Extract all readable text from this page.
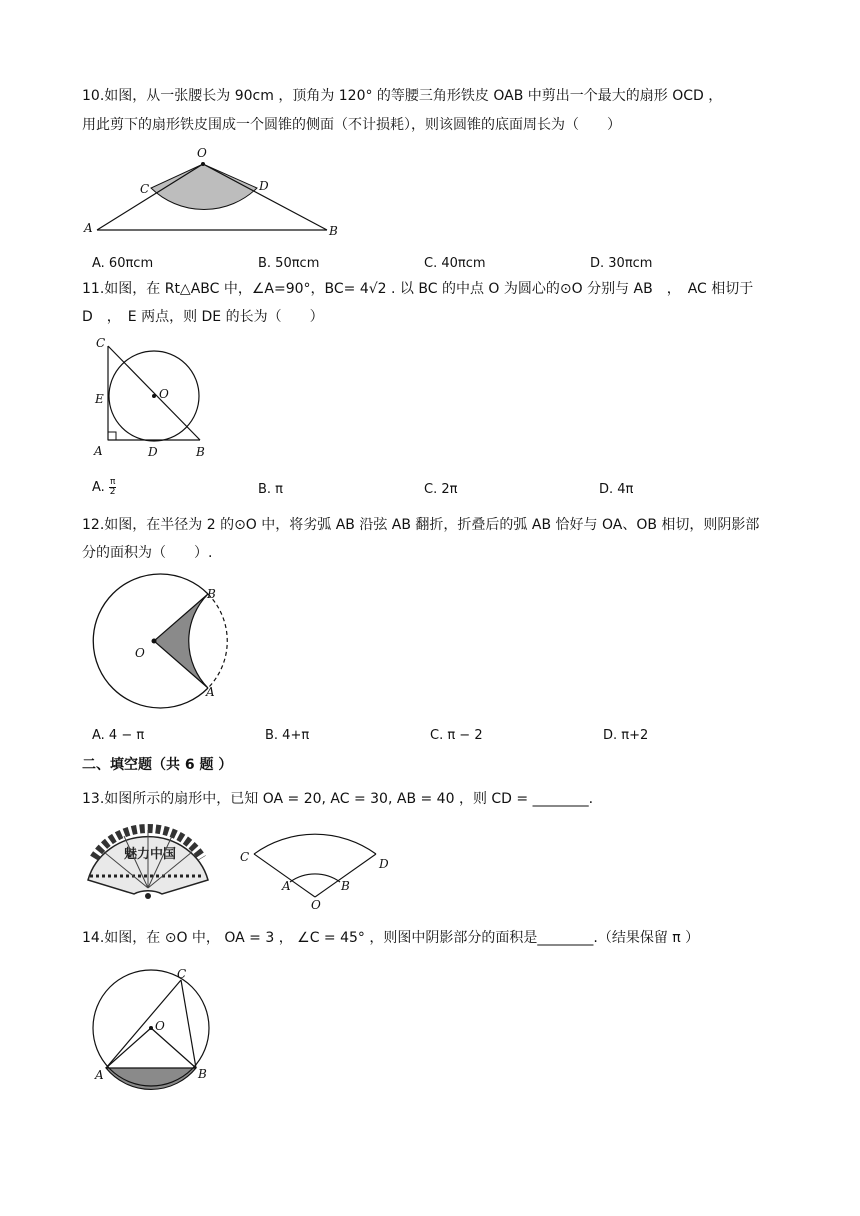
10.如图，从一张腰长为 90cm ，顶角为 120° 的等腰三角形铁皮 OAB 中剪出一个最大的扇形 OCD ，
用此剪下的扇形铁皮围成一个圆锥的侧面（不计损耗），则该圆锥的底面周长为（　　）
O
C	D
A	B
A. 60πcm	B. 50πcm	C. 40πcm	D. 30πcm
11.如图，在 Rt△ABC 中，∠A=90°，BC= 4√2 . 以 BC 的中点 O 为圆心的⊙O 分别与 AB　，　AC 相切于
D　，　E 两点，则 DE 的长为（　　）
C
O
E
A	D	B
A. $\frac{\pi}{2}$	B. π	C. 2π	D. 4π
12.如图，在半径为 2 的⊙O 中，将劣弧 AB 沿弦 AB 翻折，折叠后的弧 AB 恰好与 OA、OB 相切，则阴影部
分的面积为（　　）.
O
A
B
A. 4 − π	B. 4+π	C. π − 2	D. π+2
二、填空题（共 6 题 ）
13.如图所示的扇形中，已知 OA = 20, AC = 30, AB = 40 ，则 CD = ________.
魅力中国	C	D
A	B
O
14.如图，在 ⊙O 中， OA = 3 ， ∠C = 45° ，则图中阴影部分的面积是________.（结果保留 π ）
C
O
A	B
